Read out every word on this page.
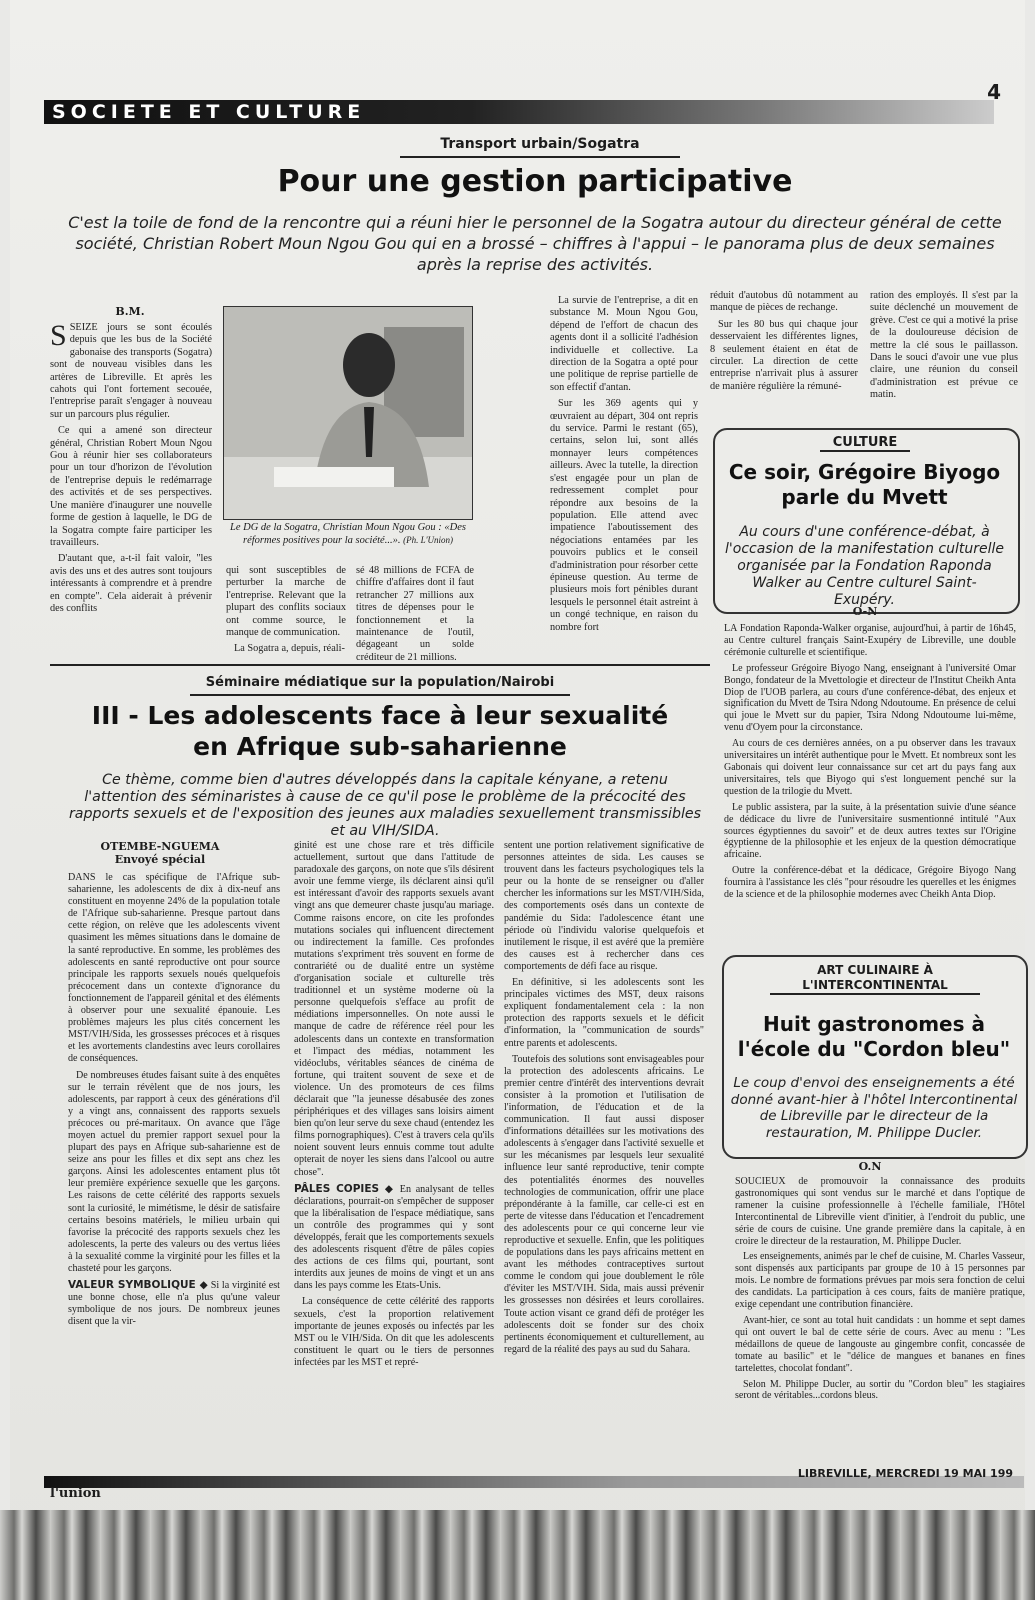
SOCIETE ET CULTURE
4
Transport urbain/Sogatra
Pour une gestion participative
C'est la toile de fond de la rencontre qui a réuni hier le personnel de la Sogatra autour du directeur général de cette société, Christian Robert Moun Ngou Gou qui en a brossé – chiffres à l'appui – le panorama plus de deux semaines après la reprise des activités.
B.M.

SSEIZE jours se sont écoulés depuis que les bus de la Société gabonaise des transports (Sogatra) sont de nouveau visibles dans les artères de Libreville. Et après les cahots qui l'ont fortement secouée, l'entreprise paraît s'engager à nouveau sur un parcours plus régulier.

Ce qui a amené son directeur général, Christian Robert Moun Ngou Gou à réunir hier ses collaborateurs pour un tour d'horizon de l'évolution de l'entreprise depuis le redémarrage des activités et de ses perspectives. Une manière d'inaugurer une nouvelle forme de gestion à laquelle, le DG de la Sogatra compte faire participer les travailleurs.

D'autant que, a-t-il fait valoir, "les avis des uns et des autres sont toujours intéressants à comprendre et à prendre en compte". Cela aiderait à prévenir des conflits

Le DG de la Sogatra, Christian Moun Ngou Gou : «Des réformes positives pour la société...». (Ph. L'Union)

qui sont susceptibles de perturber la marche de l'entreprise. Relevant que la plupart des conflits sociaux ont comme source, le manque de communication.

La Sogatra a, depuis, réali-

sé 48 millions de FCFA de chiffre d'affaires dont il faut retrancher 27 millions aux titres de dépenses pour le fonctionnement et la maintenance de l'outil, dégageant un solde créditeur de 21 millions.

La survie de l'entreprise, a dit en substance M. Moun Ngou Gou, dépend de l'effort de chacun des agents dont il a sollicité l'adhésion individuelle et collective. La direction de la Sogatra a opté pour une politique de reprise partielle de son effectif d'antan.

Sur les 369 agents qui y œuvraient au départ, 304 ont repris du service. Parmi le restant (65), certains, selon lui, sont allés monnayer leurs compétences ailleurs. Avec la tutelle, la direction s'est engagée pour un plan de redressement complet pour répondre aux besoins de la population. Elle attend avec impatience l'aboutissement des négociations entamées par les pouvoirs publics et le conseil d'administration pour résorber cette épineuse question. Au terme de plusieurs mois fort pénibles durant lesquels le personnel était astreint à un congé technique, en raison du nombre fort

réduit d'autobus dû notamment au manque de pièces de rechange.

Sur les 80 bus qui chaque jour desservaient les différentes lignes, 8 seulement étaient en état de circuler. La direction de cette entreprise n'arrivait plus à assurer de manière régulière la rémuné-

ration des employés. Il s'est par la suite déclenché un mouvement de grève. C'est ce qui a motivé la prise de la douloureuse décision de mettre la clé sous le paillasson. Dans le souci d'avoir une vue plus claire, une réunion du conseil d'administration est prévue ce matin.

CULTURE
Ce soir, Grégoire Biyogo parle du Mvett
Au cours d'une conférence-débat, à l'occasion de la manifestation culturelle organisée par la Fondation Raponda Walker au Centre culturel Saint-Exupéry.
O-N

LA Fondation Raponda-Walker organise, aujourd'hui, à partir de 16h45, au Centre culturel français Saint-Exupéry de Libreville, une double cérémonie culturelle et scientifique.

Le professeur Grégoire Biyogo Nang, enseignant à l'université Omar Bongo, fondateur de la Mvettologie et directeur de l'Institut Cheikh Anta Diop de l'UOB parlera, au cours d'une conférence-débat, des enjeux et signification du Mvett de Tsira Ndong Ndoutoume. En présence de celui qui joue le Mvett sur du papier, Tsira Ndong Ndoutoume lui-même, venu d'Oyem pour la circonstance.

Au cours de ces dernières années, on a pu observer dans les travaux universitaires un intérêt authentique pour le Mvett. Et nombreux sont les Gabonais qui doivent leur connaissance sur cet art du pays fang aux universitaires, tels que Biyogo qui s'est longuement penché sur la question de la trilogie du Mvett.

Le public assistera, par la suite, à la présentation suivie d'une séance de dédicace du livre de l'universitaire susmentionné intitulé "Aux sources égyptiennes du savoir" et de deux autres textes sur l'Origine égyptienne de la philosophie et les enjeux de la question démocratique africaine.

Outre la conférence-débat et la dédicace, Grégoire Biyogo Nang fournira à l'assistance les clés "pour résoudre les querelles et les énigmes de la science et de la philosophie modernes avec Cheikh Anta Diop.

Séminaire médiatique sur la population/Nairobi
III - Les adolescents face à leur sexualité
en Afrique sub-saharienne
Ce thème, comme bien d'autres développés dans la capitale kényane, a retenu l'attention des séminaristes à cause de ce qu'il pose le problème de la précocité des rapports sexuels et de l'exposition des jeunes aux maladies sexuellement transmissibles et au VIH/SIDA.
OTEMBE-NGUEMA
Envoyé spécial

DANS le cas spécifique de l'Afrique sub-saharienne, les adolescents de dix à dix-neuf ans constituent en moyenne 24% de la population totale de l'Afrique sub-saharienne. Presque partout dans cette région, on relève que les adolescents vivent quasiment les mêmes situations dans le domaine de la santé reproductive. En somme, les problèmes des adolescents en santé reproductive ont pour source principale les rapports sexuels noués quelquefois précocement dans un contexte d'ignorance du fonctionnement de l'appareil génital et des éléments à observer pour une sexualité épanouie. Les problèmes majeurs les plus cités concernent les MST/VIH/Sida, les grossesses précoces et à risques et les avortements clandestins avec leurs corollaires de conséquences.

De nombreuses études faisant suite à des enquêtes sur le terrain révèlent que de nos jours, les adolescents, par rapport à ceux des générations d'il y a vingt ans, connaissent des rapports sexuels précoces ou pré-maritaux. On avance que l'âge moyen actuel du premier rapport sexuel pour la plupart des pays en Afrique sub-saharienne est de seize ans pour les filles et dix sept ans chez les garçons. Ainsi les adolescentes entament plus tôt leur première expérience sexuelle que les garçons. Les raisons de cette célérité des rapports sexuels sont la curiosité, le mimétisme, le désir de satisfaire certains besoins matériels, le milieu urbain qui favorise la précocité des rapports sexuels chez les adolescents, la perte des valeurs ou des vertus liées à la sexualité comme la virginité pour les filles et la chasteté pour les garçons.

VALEUR SYMBOLIQUE ◆ Si la virginité est une bonne chose, elle n'a plus qu'une valeur symbolique de nos jours. De nombreux jeunes disent que la vir-

ginité est une chose rare et très difficile actuellement, surtout que dans l'attitude de paradoxale des garçons, on note que s'ils désirent avoir une femme vierge, ils déclarent ainsi qu'il est intéressant d'avoir des rapports sexuels avant vingt ans que demeurer chaste jusqu'au mariage. Comme raisons encore, on cite les profondes mutations sociales qui influencent directement ou indirectement la famille. Ces profondes mutations s'expriment très souvent en forme de contrariété ou de dualité entre un système d'organisation sociale et culturelle très traditionnel et un système moderne où la personne quelquefois s'efface au profit de médiations impersonnelles. On note aussi le manque de cadre de référence réel pour les adolescents dans un contexte en transformation et l'impact des médias, notamment les vidéoclubs, véritables séances de cinéma de fortune, qui traitent souvent de sexe et de violence. Un des promoteurs de ces films déclarait que "la jeunesse désabusée des zones périphériques et des villages sans loisirs aiment bien qu'on leur serve du sexe chaud (entendez les films pornographiques). C'est à travers cela qu'ils noient souvent leurs ennuis comme tout adulte opterait de noyer les siens dans l'alcool ou autre chose".

PÂLES COPIES ◆ En analysant de telles déclarations, pourrait-on s'empêcher de supposer que la libéralisation de l'espace médiatique, sans un contrôle des programmes qui y sont développés, ferait que les comportements sexuels des adolescents risquent d'être de pâles copies des actions de ces films qui, pourtant, sont interdits aux jeunes de moins de vingt et un ans dans les pays comme les Etats-Unis.

La conséquence de cette célérité des rapports sexuels, c'est la proportion relativement importante de jeunes exposés ou infectés par les MST ou le VIH/Sida. On dit que les adolescents constituent le quart ou le tiers de personnes infectées par les MST et repré-

sentent une portion relativement significative de personnes atteintes de sida. Les causes se trouvent dans les facteurs psychologiques tels la peur ou la honte de se renseigner ou d'aller chercher les informations sur les MST/VIH/Sida, des comportements osés dans un contexte de pandémie du Sida: l'adolescence étant une période où l'individu valorise quelquefois et inutilement le risque, il est avéré que la première des causes est à rechercher dans ces comportements de défi face au risque.

En définitive, si les adolescents sont les principales victimes des MST, deux raisons expliquent fondamentalement cela : la non protection des rapports sexuels et le déficit d'information, la "communication de sourds" entre parents et adolescents.

Toutefois des solutions sont envisageables pour la protection des adolescents africains. Le premier centre d'intérêt des interventions devrait consister à la promotion et l'utilisation de l'information, de l'éducation et de la communication. Il faut aussi disposer d'informations détaillées sur les motivations des adolescents à s'engager dans l'activité sexuelle et sur les mécanismes par lesquels leur sexualité influence leur santé reproductive, tenir compte des potentialités énormes des nouvelles technologies de communication, offrir une place prépondérante à la famille, car celle-ci est en perte de vitesse dans l'éducation et l'encadrement des adolescents pour ce qui concerne leur vie reproductive et sexuelle. Enfin, que les politiques de populations dans les pays africains mettent en avant les méthodes contraceptives surtout comme le condom qui joue doublement le rôle d'éviter les MST/VIH. Sida, mais aussi prévenir les grossesses non désirées et leurs corollaires. Toute action visant ce grand défi de protéger les adolescents doit se fonder sur des choix pertinents économiquement et culturellement, au regard de la réalité des pays au sud du Sahara.

ART CULINAIRE À
L'INTERCONTINENTAL
Huit gastronomes à l'école du "Cordon bleu"
Le coup d'envoi des enseignements a été donné avant-hier à l'hôtel Intercontinental de Libreville par le directeur de la restauration, M. Philippe Ducler.
O.N

SOUCIEUX de promouvoir la connaissance des produits gastronomiques qui sont vendus sur le marché et dans l'optique de ramener la cuisine professionnelle à l'échelle familiale, l'Hôtel Intercontinental de Libreville vient d'initier, à l'endroit du public, une série de cours de cuisine. Une grande première dans la capitale, à en croire le directeur de la restauration, M. Philippe Ducler.

Les enseignements, animés par le chef de cuisine, M. Charles Vasseur, sont dispensés aux participants par groupe de 10 à 15 personnes par mois. Le nombre de formations prévues par mois sera fonction de celui des candidats. La participation à ces cours, faits de manière pratique, exige cependant une contribution financière.

Avant-hier, ce sont au total huit candidats : un homme et sept dames qui ont ouvert le bal de cette série de cours. Avec au menu : "Les médaillons de queue de langouste au gingembre confit, concassée de tomate au basilic" et le "délice de mangues et bananes en fines tartelettes, chocolat fondant".

Selon M. Philippe Ducler, au sortir du "Cordon bleu" les stagiaires seront de véritables...cordons bleus.

l'union
LIBREVILLE, MERCREDI 19 MAI 199
